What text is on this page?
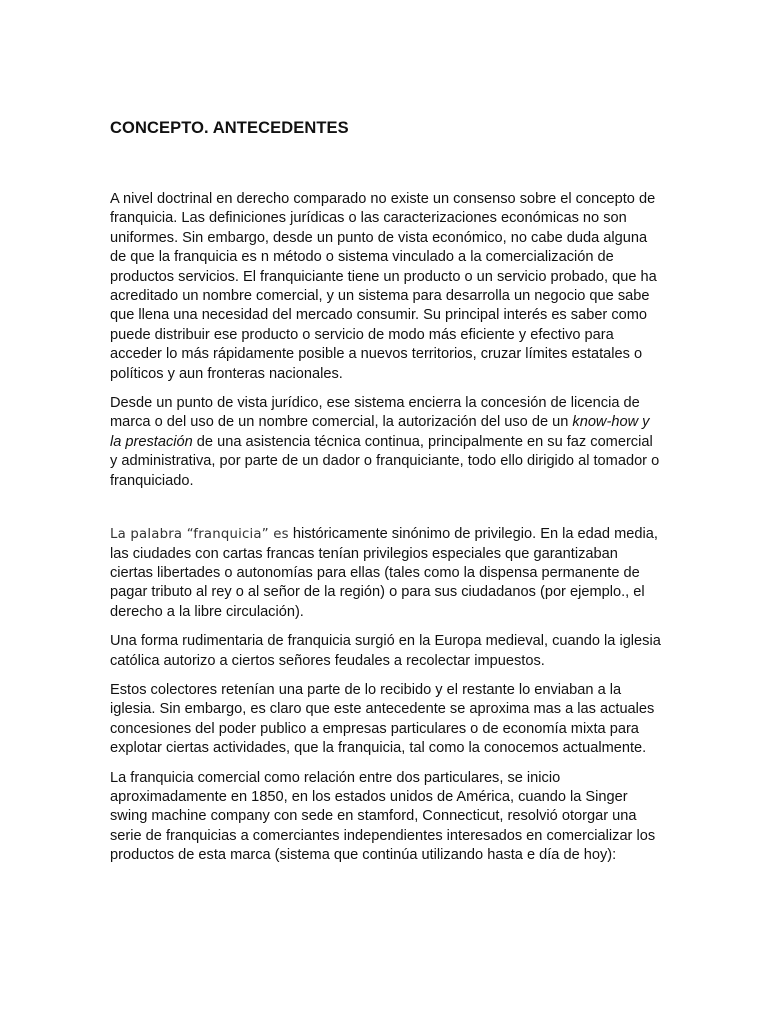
CONCEPTO. ANTECEDENTES

A nivel doctrinal en derecho comparado no existe un consenso sobre el concepto de franquicia. Las definiciones jurídicas o las caracterizaciones económicas no son uniformes. Sin embargo, desde un punto de vista económico, no cabe duda alguna de que la franquicia es n método o sistema vinculado a la comercialización de productos servicios. El franquiciante tiene un producto o un servicio probado, que ha acreditado un nombre comercial, y un sistema para desarrolla un negocio que sabe que llena una necesidad del mercado consumir. Su principal interés es saber como puede distribuir ese producto o servicio de modo más eficiente y efectivo para acceder lo más rápidamente posible a nuevos territorios, cruzar límites estatales o políticos y aun fronteras nacionales.

Desde un punto de vista jurídico, ese sistema encierra la concesión de licencia de marca o del uso de un nombre comercial, la autorización del uso de un know-how y la prestación de una asistencia técnica continua, principalmente en su faz comercial y administrativa, por parte de un dador o franquiciante, todo ello dirigido al tomador o franquiciado.

La palabra “franquicia” es históricamente sinónimo de privilegio. En la edad media, las ciudades con cartas francas tenían privilegios especiales que garantizaban ciertas libertades o autonomías para ellas (tales como la dispensa permanente de pagar tributo al rey o al señor de la región) o para sus ciudadanos (por ejemplo., el derecho a la libre circulación).

Una forma rudimentaria de franquicia surgió en la Europa medieval, cuando la iglesia católica autorizo a ciertos señores feudales a recolectar impuestos.

Estos colectores retenían una parte de lo recibido y el restante lo enviaban a la iglesia. Sin embargo, es claro que este antecedente se aproxima mas a las actuales concesiones del poder publico a empresas particulares o de economía mixta para explotar ciertas actividades, que la franquicia, tal como la conocemos actualmente.

La franquicia comercial como relación entre dos particulares, se inicio aproximadamente en 1850, en los estados unidos de América, cuando la Singer swing machine company con sede en stamford, Connecticut, resolvió otorgar una serie de franquicias a comerciantes independientes interesados en comercializar los productos de esta marca (sistema que continúa utilizando hasta e día de hoy):
